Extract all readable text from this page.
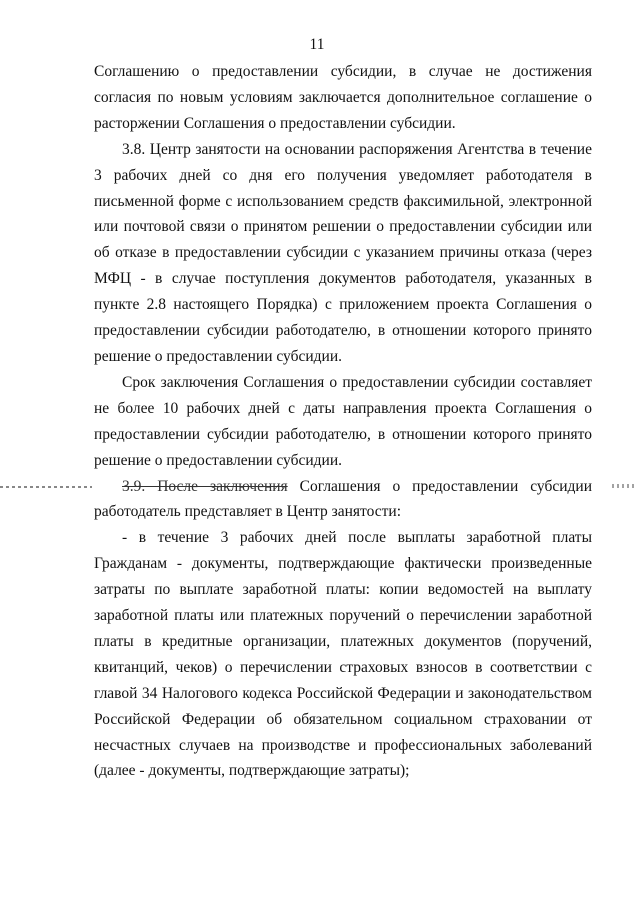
11

Соглашению о предоставлении субсидии, в случае не достижения согласия по новым условиям заключается дополнительное соглашение о расторжении Соглашения о предоставлении субсидии.

3.8. Центр занятости на основании распоряжения Агентства в течение 3 рабочих дней со дня его получения уведомляет работодателя в письменной форме с использованием средств факсимильной, электронной или почтовой связи о принятом решении о предоставлении субсидии или об отказе в предоставлении субсидии с указанием причины отказа (через МФЦ - в случае поступления документов работодателя, указанных в пункте 2.8 настоящего Порядка) с приложением проекта Соглашения о предоставлении субсидии работодателю, в отношении которого принято решение о предоставлении субсидии.

Срок заключения Соглашения о предоставлении субсидии составляет не более 10 рабочих дней с даты направления проекта Соглашения о предоставлении субсидии работодателю, в отношении которого принято решение о предоставлении субсидии.

3.9. После заключения Соглашения о предоставлении субсидии работодатель представляет в Центр занятости:

- в течение 3 рабочих дней после выплаты заработной платы Гражданам - документы, подтверждающие фактически произведенные затраты по выплате заработной платы: копии ведомостей на выплату заработной платы или платежных поручений о перечислении заработной платы в кредитные организации, платежных документов (поручений, квитанций, чеков) о перечислении страховых взносов в соответствии с главой 34 Налогового кодекса Российской Федерации и законодательством Российской Федерации об обязательном социальном страховании от несчастных случаев на производстве и профессиональных заболеваний (далее - документы, подтверждающие затраты);
